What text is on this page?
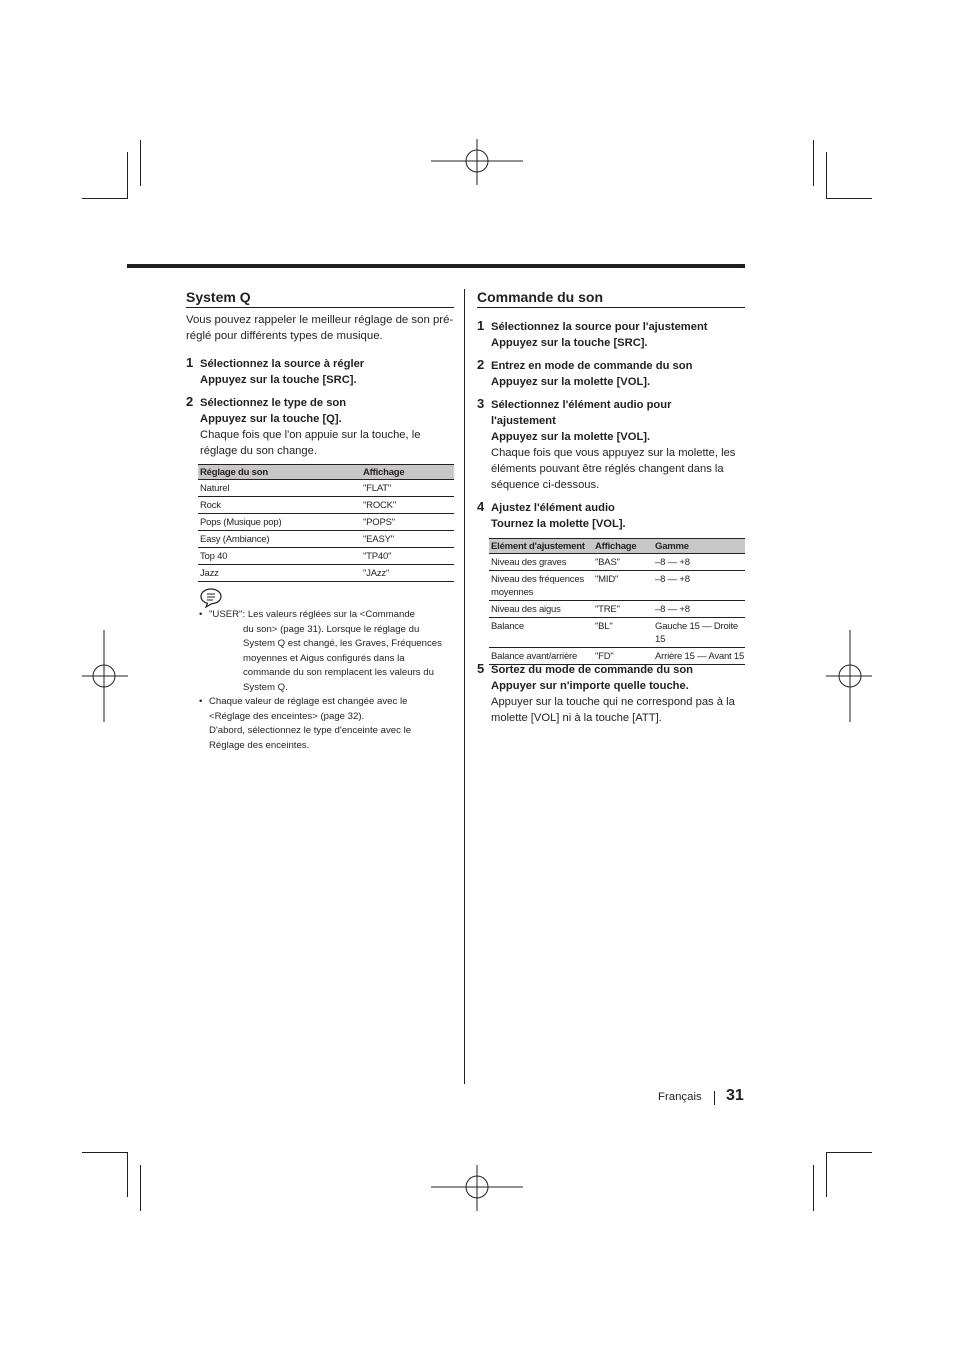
System Q

Vous pouvez rappeler le meilleur réglage de son pré-réglé pour différents types de musique.

1 Sélectionnez la source à régler
Appuyez sur la touche [SRC].
2 Sélectionnez le type de son
Appuyez sur la touche [Q].
Chaque fois que l'on appuie sur la touche, le réglage du son change.
Réglage du son	Affichage
Naturel	"FLAT"
Rock	"ROCK"
Pops (Musique pop)	"POPS"
Easy (Ambiance)	"EASY"
Top 40	"TP40"
Jazz	"JAzz"
• "USER": Les valeurs réglées sur la <Commande
du son> (page 31). Lorsque le réglage du
System Q est changé, les Graves, Fréquences
moyennes et Aigus configurés dans la
commande du son remplacent les valeurs du
System Q.
• Chaque valeur de réglage est changée avec le
<Réglage des enceintes> (page 32).
D'abord, sélectionnez le type d'enceinte avec le
Réglage des enceintes.
Commande du son
1 Sélectionnez la source pour l'ajustement
Appuyez sur la touche [SRC].
2 Entrez en mode de commande du son
Appuyez sur la molette [VOL].
3 Sélectionnez l'élément audio pour
l'ajustement
Appuyez sur la molette [VOL].
Chaque fois que vous appuyez sur la molette, les
éléments pouvant être réglés changent dans la
séquence ci-dessous.
4 Ajustez l'élément audio
Tournez la molette [VOL].
Elément d'ajustement	Affichage	Gamme
Niveau des graves	"BAS"	–8 — +8
Niveau des fréquences moyennes	"MID"	–8 — +8
Niveau des aigus	"TRE"	–8 — +8
Balance	"BL"	Gauche 15 — Droite 15
Balance avant/arrière	"FD"	Arrière 15 — Avant 15
5 Sortez du mode de commande du son
Appuyer sur n'importe quelle touche.
Appuyer sur la touche qui ne correspond pas à la
molette [VOL] ni à la touche [ATT].
Français 31
